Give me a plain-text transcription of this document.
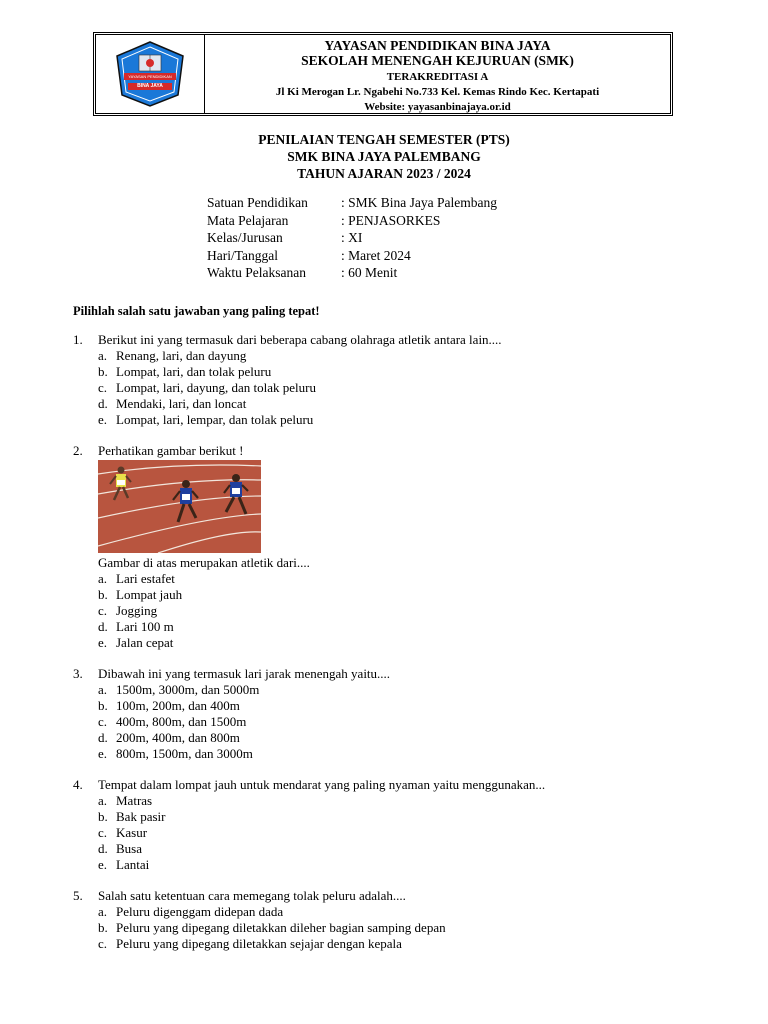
YAYASAN PENDIDIKAN
BINA JAYA
YAYASAN PENDIDIKAN BINA JAYA
SEKOLAH MENENGAH KEJURUAN (SMK)
TERAKREDITASI A
Jl Ki Merogan Lr. Ngabehi No.733 Kel. Kemas Rindo Kec. Kertapati
Website: yayasanbinajaya.or.id
PENILAIAN TENGAH SEMESTER (PTS)
SMK BINA JAYA PALEMBANG
TAHUN AJARAN 2023 / 2024
Satuan Pendidikan : SMK Bina Jaya Palembang
Mata Pelajaran	: PENJASORKES
Kelas/Jurusan	: XI
Hari/Tanggal	: Maret 2024
Waktu Pelaksanan	: 60 Menit
Pilihlah salah satu jawaban yang paling tepat!
1. Berikut ini yang termasuk dari beberapa cabang olahraga atletik antara lain....
a. Renang, lari, dan dayung
b. Lompat, lari, dan tolak peluru
c. Lompat, lari, dayung, dan tolak peluru
d. Mendaki, lari, dan loncat
e. Lompat, lari, lempar, dan tolak peluru
2. Perhatikan gambar berikut !
Gambar di atas merupakan atletik dari....
a. Lari estafet
b. Lompat jauh
c. Jogging
d. Lari 100 m
e. Jalan cepat
3. Dibawah ini yang termasuk lari jarak menengah yaitu....
a. 1500m, 3000m, dan 5000m
b. 100m, 200m, dan 400m
c. 400m, 800m, dan 1500m
d. 200m, 400m, dan 800m
e. 800m, 1500m, dan 3000m
4. Tempat dalam lompat jauh untuk mendarat yang paling nyaman yaitu menggunakan...
a. Matras
b. Bak pasir
c. Kasur
d. Busa
e. Lantai
5. Salah satu ketentuan cara memegang tolak peluru adalah....
a. Peluru digenggam didepan dada
b. Peluru yang dipegang diletakkan dileher bagian samping depan
c. Peluru yang dipegang diletakkan sejajar dengan kepala
